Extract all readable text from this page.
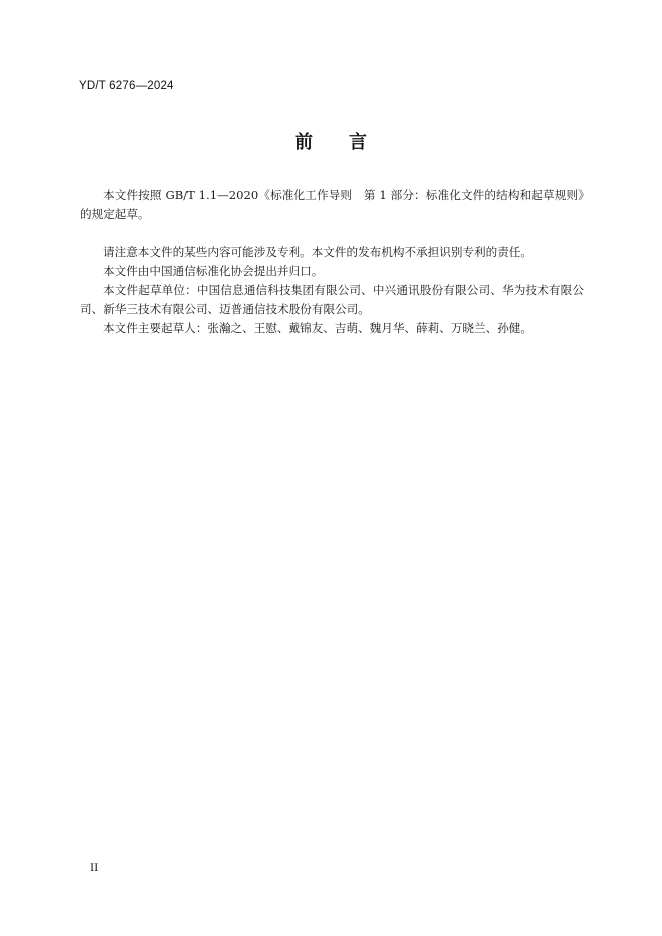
YD/T 6276—2024
前言

本文件按照 GB/T 1.1—2020《标准化工作导则　第 1 部分：标准化文件的结构和起草规则》的规定起草。

请注意本文件的某些内容可能涉及专利。本文件的发布机构不承担识别专利的责任。

本文件由中国通信标准化协会提出并归口。

本文件起草单位：中国信息通信科技集团有限公司、中兴通讯股份有限公司、华为技术有限公司、新华三技术有限公司、迈普通信技术股份有限公司。

本文件主要起草人：张瀚之、王慰、戴锦友、吉萌、魏月华、薛莉、万晓兰、孙健。

II
